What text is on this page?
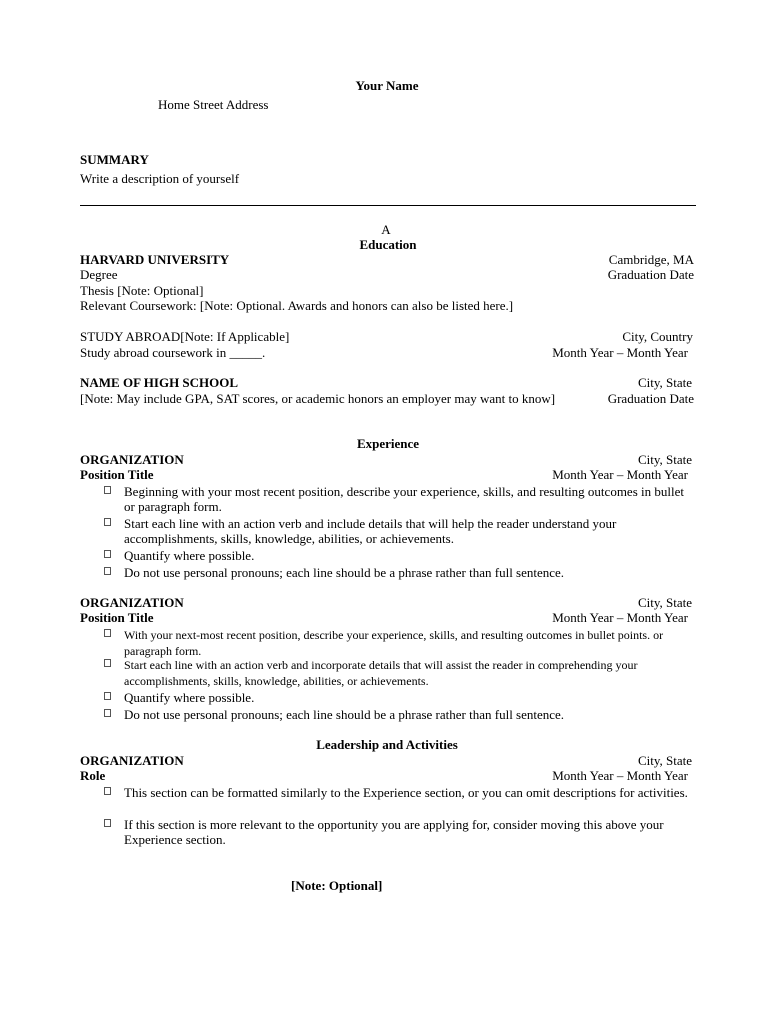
Your Name
Home Street Address
SUMMARY
Write a description of yourself
A
Education
HARVARD UNIVERSITY	Cambridge, MA
Degree	Graduation Date
Thesis [Note: Optional]
Relevant Coursework: [Note: Optional. Awards and honors can also be listed here.]
STUDY ABROAD[Note: If Applicable]	City, Country
Study abroad coursework in _____.	Month Year – Month Year
NAME OF HIGH SCHOOL	City, State
[Note: May include GPA, SAT scores, or academic honors an employer may want to know]	Graduation Date
Experience
ORGANIZATION	City, State
Position Title	Month Year – Month Year
Beginning with your most recent position, describe your experience, skills, and resulting outcomes in bullet or paragraph form.
Start each line with an action verb and include details that will help the reader understand your accomplishments, skills, knowledge, abilities, or achievements.
Quantify where possible.
Do not use personal pronouns; each line should be a phrase rather than full sentence.
ORGANIZATION	City, State
Position Title	Month Year – Month Year
With your next-most recent position, describe your experience, skills, and resulting outcomes in bullet points. or paragraph form.
Start each line with an action verb and incorporate details that will assist the reader in comprehending your accomplishments, skills, knowledge, abilities, or achievements.
Quantify where possible.
Do not use personal pronouns; each line should be a phrase rather than full sentence.
Leadership and Activities
ORGANIZATION	City, State
Role	Month Year – Month Year
This section can be formatted similarly to the Experience section, or you can omit descriptions for activities.
If this section is more relevant to the opportunity you are applying for, consider moving this above your Experience section.
[Note: Optional]
